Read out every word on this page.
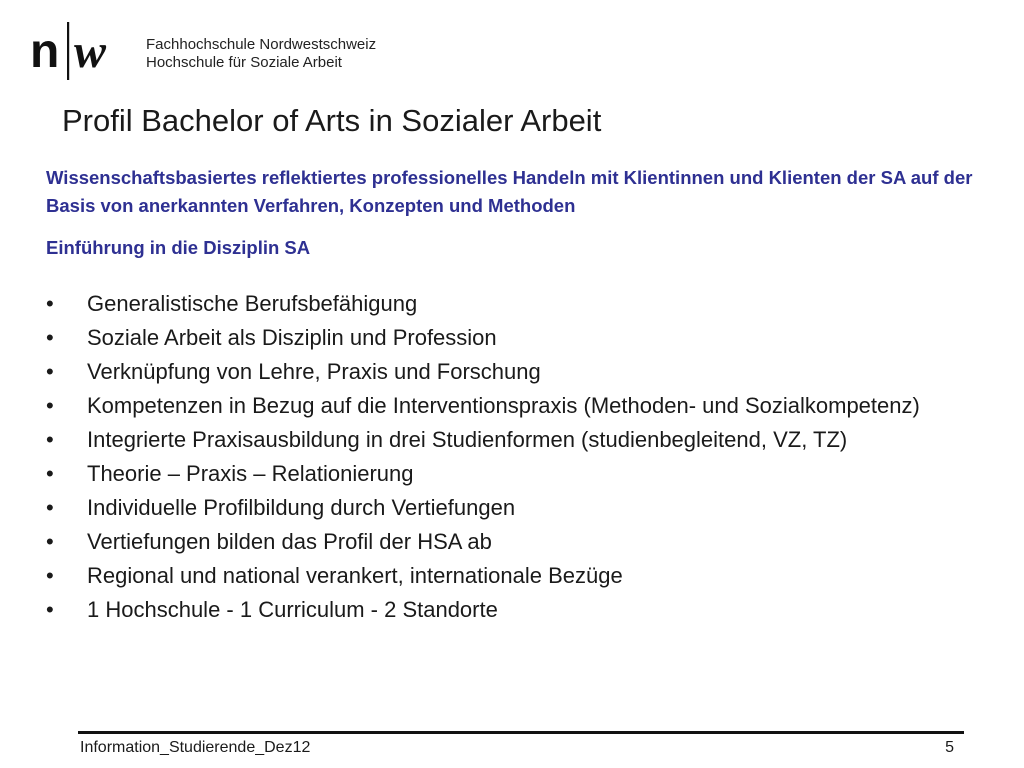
n w	Fachhochschule Nordwestschweiz
Hochschule für Soziale Arbeit
Profil Bachelor of Arts in Sozialer Arbeit
Wissenschaftsbasiertes reflektiertes professionelles Handeln mit Klientinnen und Klienten der SA auf der Basis von anerkannten Verfahren, Konzepten und Methoden
Einführung in die Disziplin SA
• Generalistische Berufsbefähigung
• Soziale Arbeit als Disziplin und Profession
• Verknüpfung von Lehre, Praxis und Forschung
• Kompetenzen in Bezug auf die Interventionspraxis (Methoden- und Sozialkompetenz)
• Integrierte Praxisausbildung in drei Studienformen (studienbegleitend, VZ, TZ)
• Theorie – Praxis – Relationierung
• Individuelle Profilbildung durch Vertiefungen
• Vertiefungen bilden das Profil der HSA ab
• Regional und national verankert, internationale Bezüge
• 1 Hochschule - 1 Curriculum - 2 Standorte
Information_Studierende_Dez12	5
